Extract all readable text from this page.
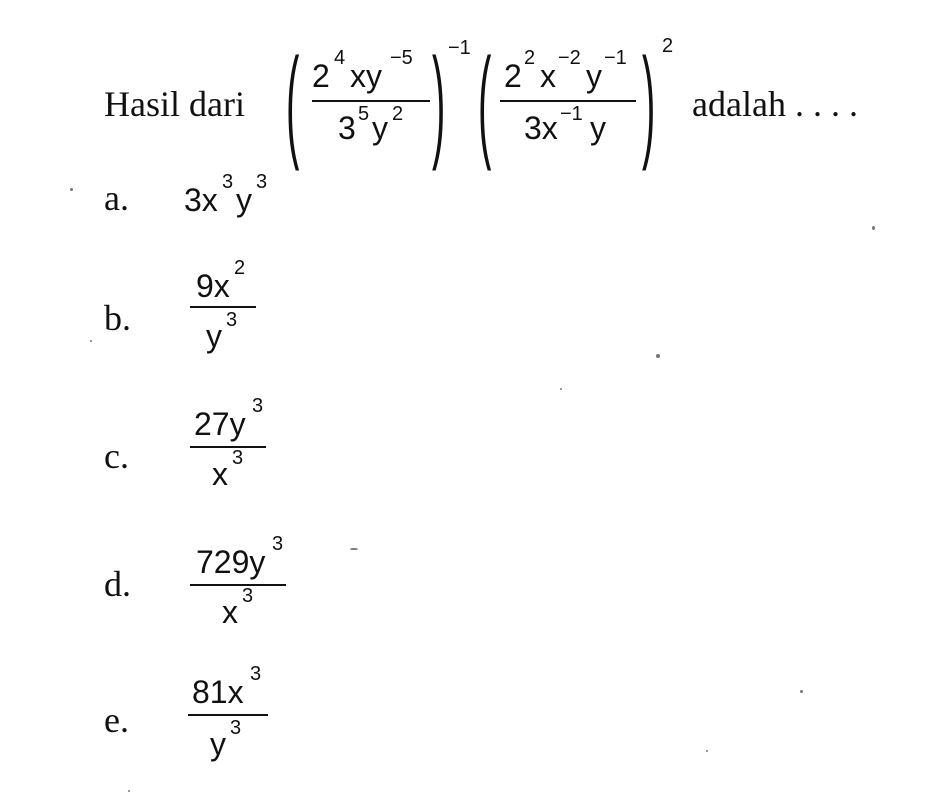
Hasil dari ( 2 4 xy −5
3 5 y 2 ) −1 ( 2 2 x −2 y −1
3x −1 y ) 2
adalah . . . .
a. 3x 3 y 3
b.
9x 2
y 3
c.
27y 3
x 3
d.
729y 3
x 3
e.
81x 3
y 3
